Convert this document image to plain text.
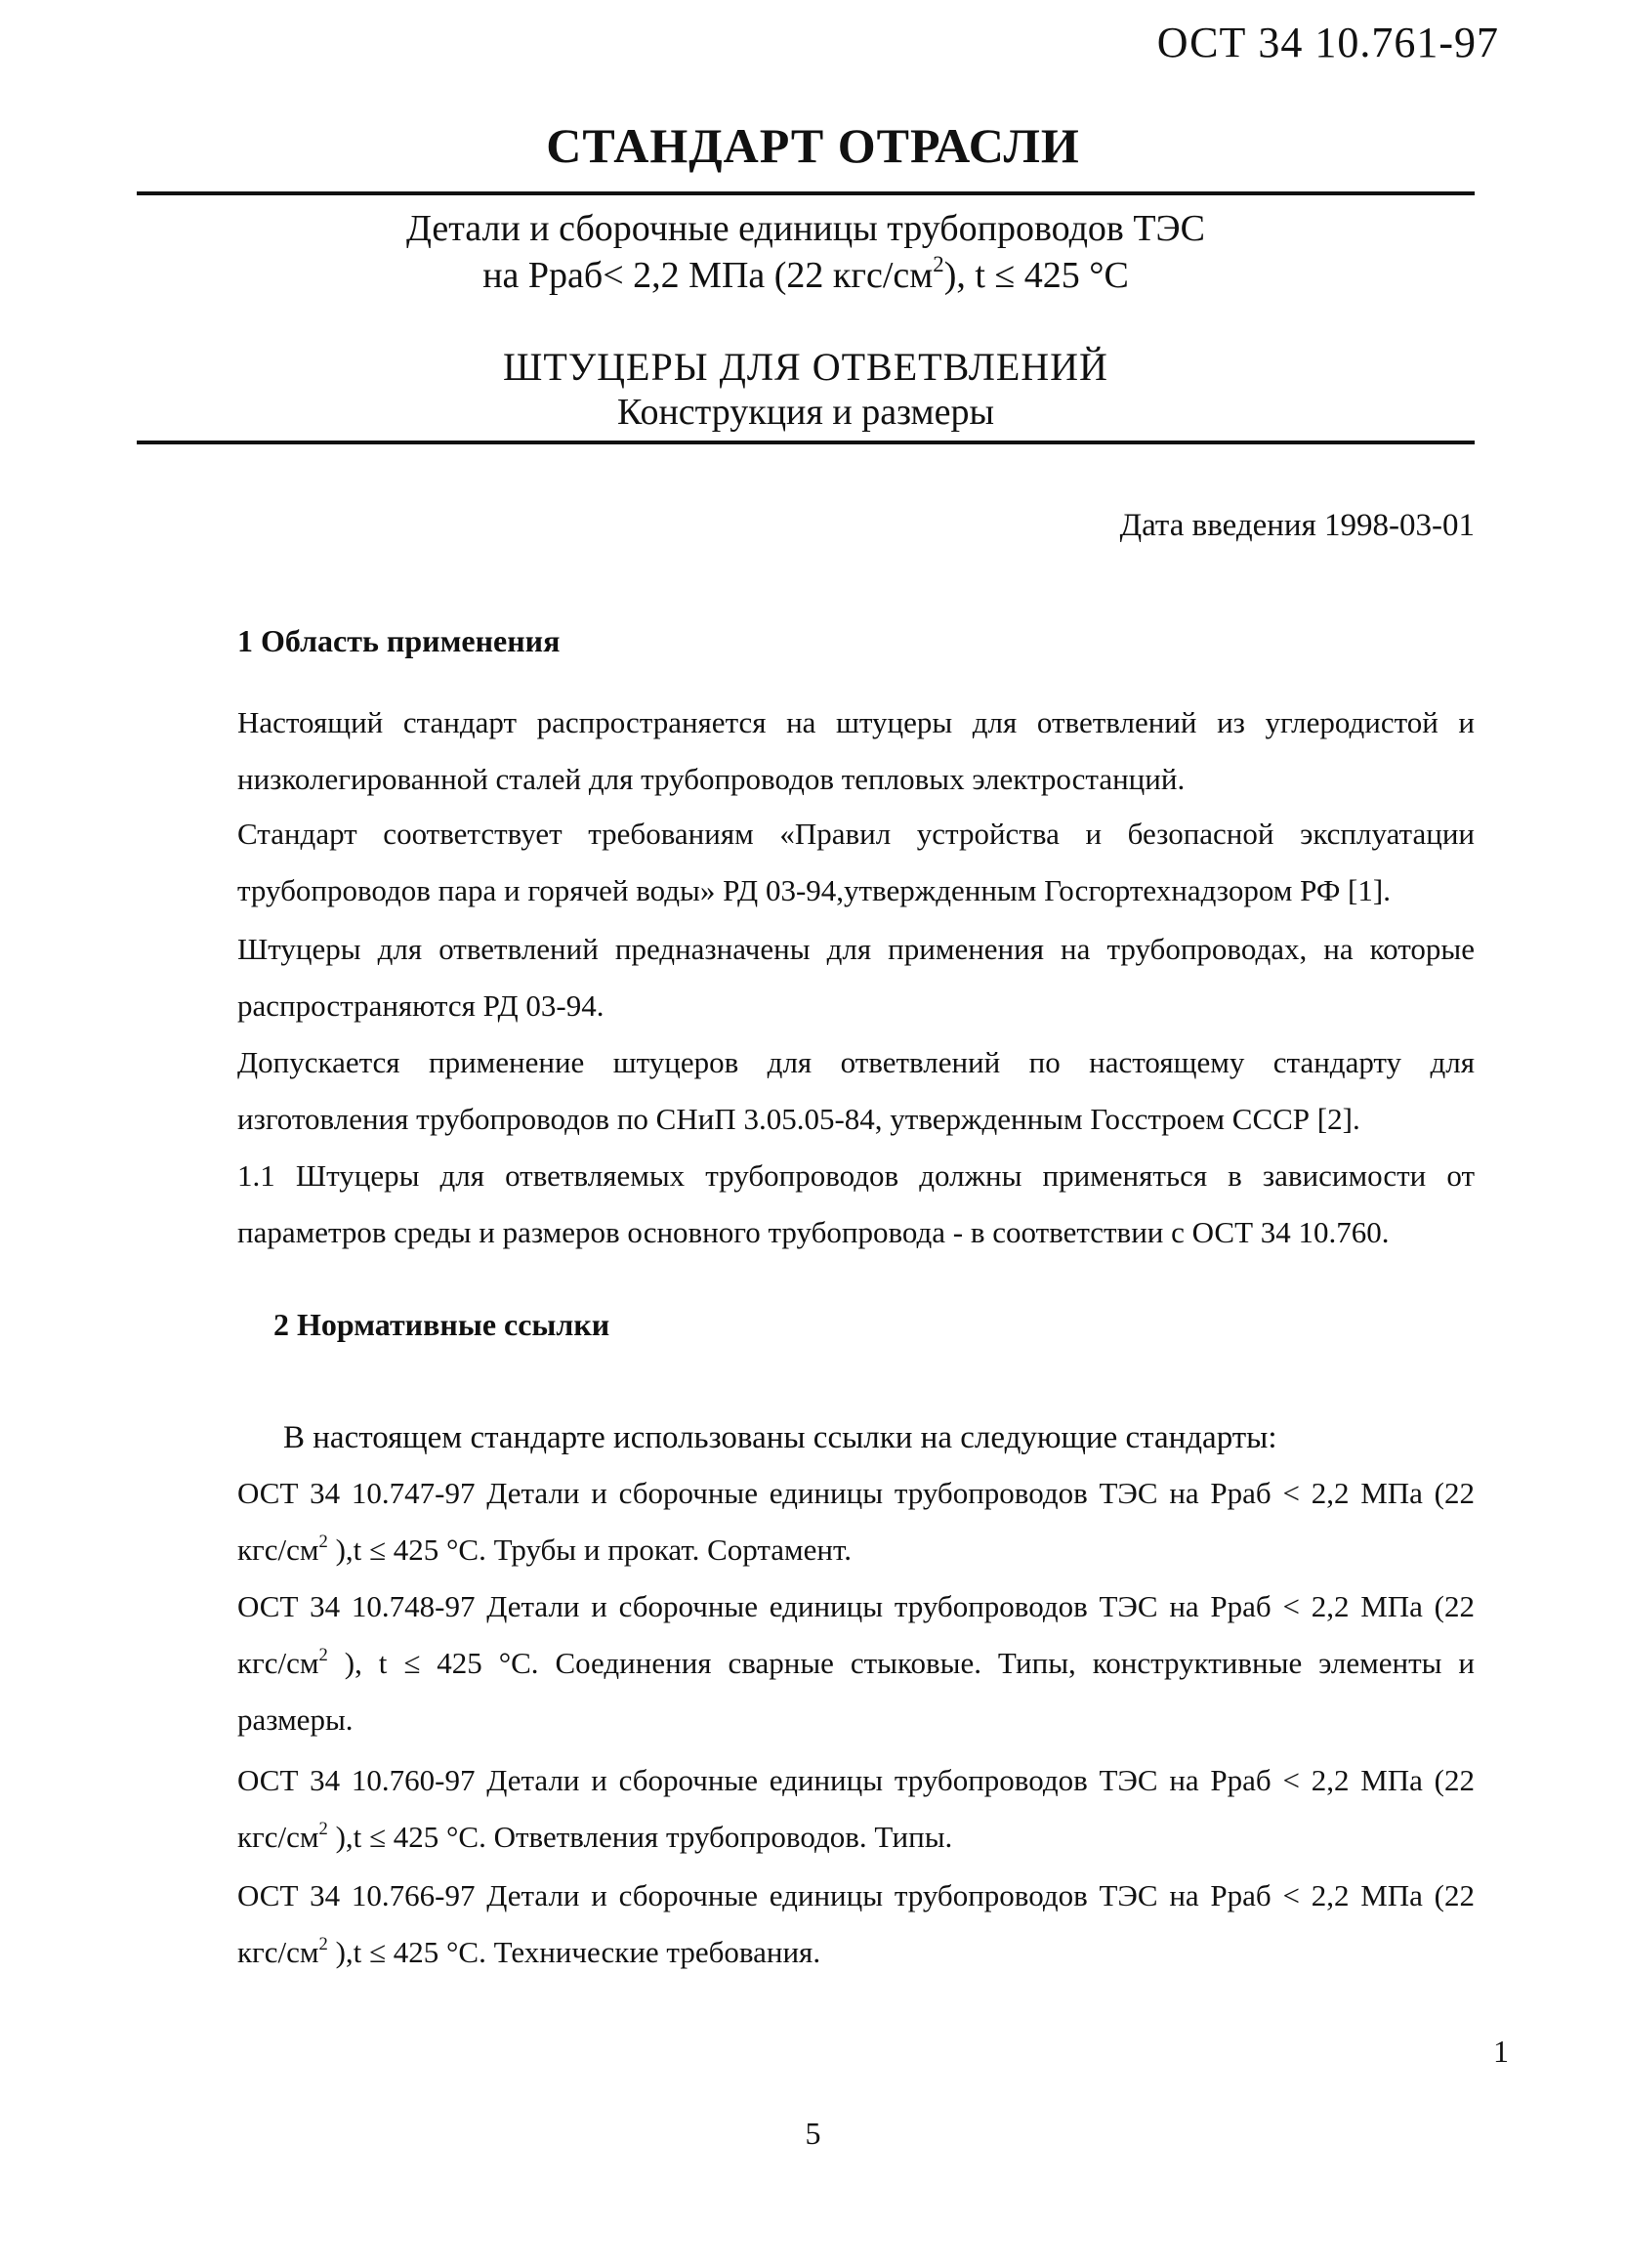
ОСТ 34 10.761-97
СТАНДАРТ ОТРАСЛИ
Детали и сборочные единицы трубопроводов ТЭС
на Рраб< 2,2 МПа (22 кгс/$см^2$), t ≤ 425 °С
ШТУЦЕРЫ ДЛЯ ОТВЕТВЛЕНИЙ
Конструкция и размеры
Дата введения 1998-03-01
1 Область применения
Настоящий стандарт распространяется на штуцеры для ответвлений из углеродистой и низколегированной сталей для трубопроводов тепловых электростанций.
Стандарт соответствует требованиям «Правил устройства и безопасной эксплуатации трубопроводов пара и горячей воды» РД 03-94,утвержденным Госгортехнадзором РФ [1].
Штуцеры для ответвлений предназначены для применения на трубопроводах, на которые распространяются РД 03-94.
Допускается применение штуцеров для ответвлений по настоящему стандарту для изготовления трубопроводов по СНиП 3.05.05-84, утвержденным Госстроем СССР [2].
1.1 Штуцеры для ответвляемых трубопроводов должны применяться в зависимости от параметров среды и размеров основного трубопровода - в соответствии с ОСТ 34 10.760.
2 Нормативные ссылки
В настоящем стандарте использованы ссылки на следующие стандарты:
ОСТ 34 10.747-97 Детали и сборочные единицы трубопроводов ТЭС на Рраб < 2,2 МПа (22 кгс/$см^2$ ),t ≤ 425 °С. Трубы и прокат. Сортамент.
ОСТ 34 10.748-97 Детали и сборочные единицы трубопроводов ТЭС на Рраб < 2,2 МПа (22 кгс/$см^2$ ), t ≤ 425 °С. Соединения сварные стыковые. Типы, конструктивные элементы и размеры.
ОСТ 34 10.760-97 Детали и сборочные единицы трубопроводов ТЭС на Рраб < 2,2 МПа (22 кгс/$см^2$ ),t ≤ 425 °С. Ответвления трубопроводов. Типы.
ОСТ 34 10.766-97 Детали и сборочные единицы трубопроводов ТЭС на Рраб < 2,2 МПа (22 кгс/$см^2$ ),t ≤ 425 °С. Технические требования.
1
5
